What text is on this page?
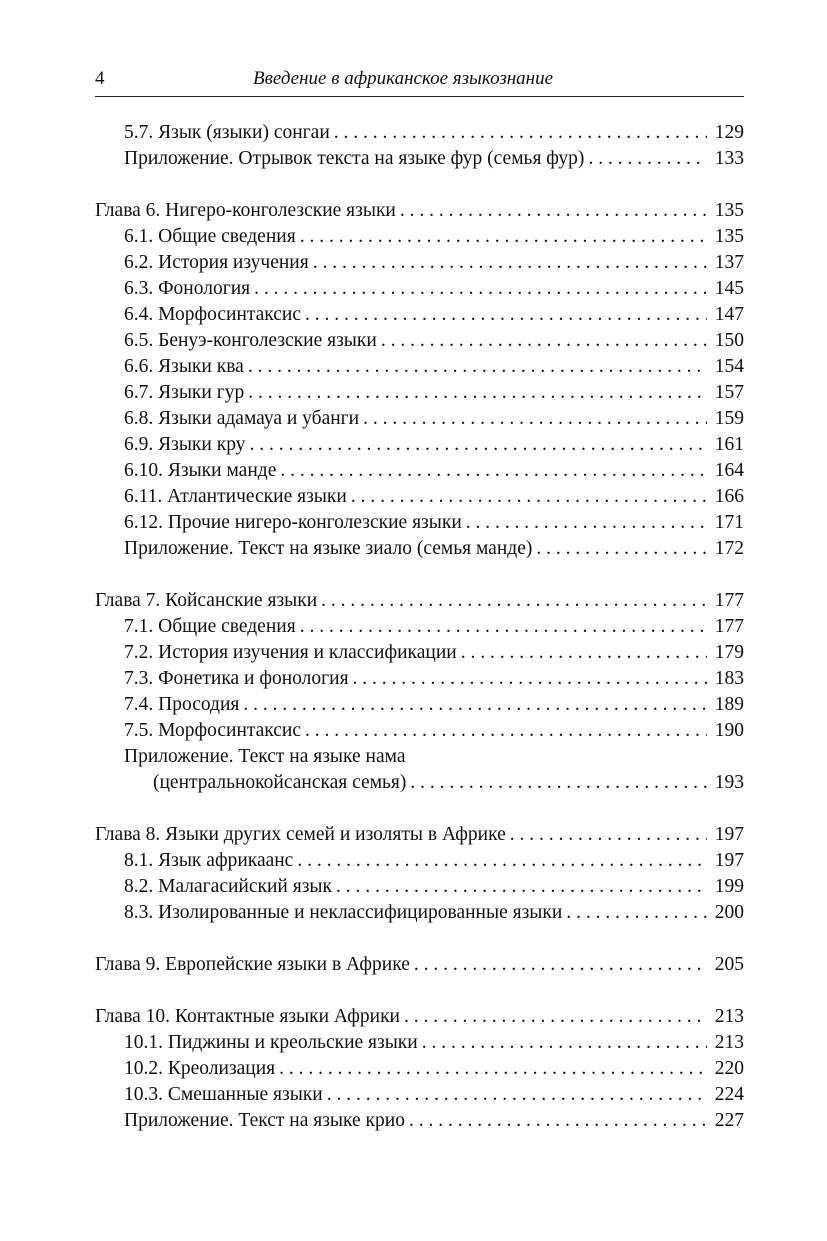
4	Введение в африканское языкознание
5.7. Язык (языки) сонгаи . . .	129
Приложение. Отрывок текста на языке фур (семья фур) . . .	133
Глава 6. Нигеро-конголезские языки . . .	135
6.1. Общие сведения . . .	135
6.2. История изучения . . .	137
6.3. Фонология . . .	145
6.4. Морфосинтаксис . . .	147
6.5. Бенуэ-конголезские языки . . .	150
6.6. Языки ква . . .	154
6.7. Языки гур . . .	157
6.8. Языки адамауа и убанги . . .	159
6.9. Языки кру . . .	161
6.10. Языки манде . . .	164
6.11. Атлантические языки . . .	166
6.12. Прочие нигеро-конголезские языки . . .	171
Приложение. Текст на языке зиало (семья манде) . . .	172
Глава 7. Койсанские языки . . .	177
7.1. Общие сведения . . .	177
7.2. История изучения и классификации . . .	179
7.3. Фонетика и фонология . . .	183
7.4. Просодия . . .	189
7.5. Морфосинтаксис . . .	190
Приложение. Текст на языке нама
(центральнокойсанская семья) . . .	193
Глава 8. Языки других семей и изоляты в Африке . . .	197
8.1. Язык африкаанс . . .	197
8.2. Малагасийский язык . . .	199
8.3. Изолированные и неклассифицированные языки . . .	200
Глава 9. Европейские языки в Африке . . .	205
Глава 10. Контактные языки Африки . . .	213
10.1. Пиджины и креольские языки . . .	213
10.2. Креолизация . . .	220
10.3. Смешанные языки . . .	224
Приложение. Текст на языке крио . . .	227
